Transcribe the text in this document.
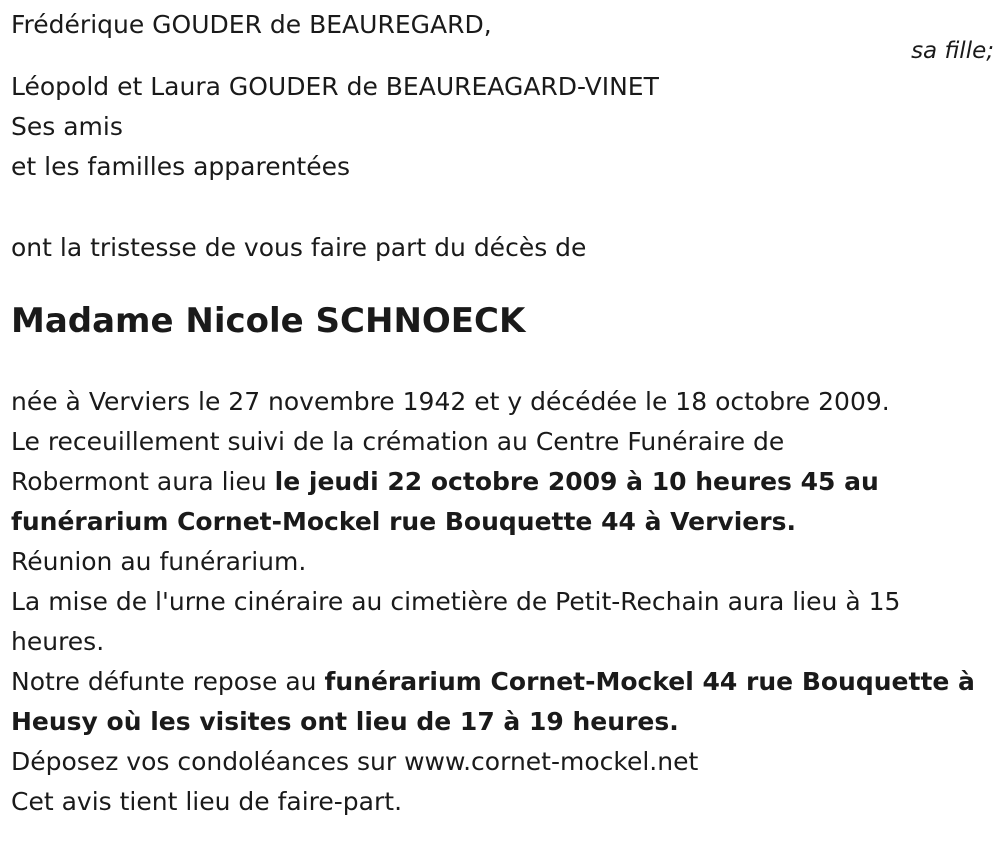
Frédérique GOUDER de BEAUREGARD,
Léopold et Laura GOUDER de BEAUREAGARD-VINET
Ses amis
et les familles apparentées
ont la tristesse de vous faire part du décès de
Madame Nicole SCHNOECK
née à Verviers le 27 novembre 1942 et y décédée le 18 octobre 2009.
Le receuillement suivi de la crémation au Centre Funéraire de
Robermont aura lieu le jeudi 22 octobre 2009 à 10 heures 45 au funérarium Cornet-Mockel rue Bouquette 44 à Verviers.
Réunion au funérarium.
La mise de l'urne cinéraire au cimetière de Petit-Rechain aura lieu à 15 heures.
Notre défunte repose au funérarium Cornet-Mockel 44 rue Bouquette à Heusy où les visites ont lieu de 17 à 19 heures.
Déposez vos condoléances sur www.cornet-mockel.net
Cet avis tient lieu de faire-part.
sa fille;
